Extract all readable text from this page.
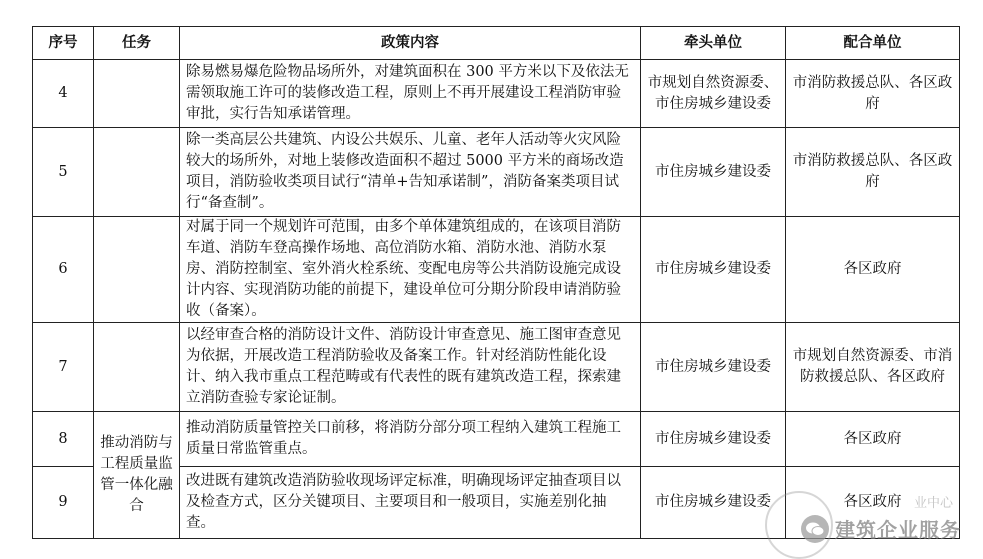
序号	任务	政策内容	牵头单位	配合单位
4		除易燃易爆危险物品场所外，对建筑面积在 300 平方米以下及依法无需领取施工许可的装修改造工程，原则上不再开展建设工程消防审验审批，实行告知承诺管理。	市规划自然资源委、市住房城乡建设委	市消防救援总队、各区政府
5		除一类高层公共建筑、内设公共娱乐、儿童、老年人活动等火灾风险较大的场所外，对地上装修改造面积不超过 5000 平方米的商场改造项目，消防验收类项目试行“清单+告知承诺制”，消防备案类项目试行“备查制”。	市住房城乡建设委	市消防救援总队、各区政府
6		对属于同一个规划许可范围，由多个单体建筑组成的，在该项目消防车道、消防车登高操作场地、高位消防水箱、消防水池、消防水泵房、消防控制室、室外消火栓系统、变配电房等公共消防设施完成设计内容、实现消防功能的前提下，建设单位可分期分阶段申请消防验收（备案）。	市住房城乡建设委	各区政府
7		以经审查合格的消防设计文件、消防设计审查意见、施工图审查意见为依据，开展改造工程消防验收及备案工作。针对经消防性能化设计、纳入我市重点工程范畴或有代表性的既有建筑改造工程，探索建立消防查验专家论证制。	市住房城乡建设委	市规划自然资源委、市消防救援总队、各区政府
8	推动消防与工程质量监管一体化融合	推动消防质量管控关口前移，将消防分部分项工程纳入建筑工程施工质量日常监管重点。	市住房城乡建设委	各区政府
9		改进既有建筑改造消防验收现场评定标准，明确现场评定抽查项目以及检查方式，区分关键项目、主要项目和一般项目，实施差别化抽查。	市住房城乡建设委	各区政府 业中心
建筑企业服务
